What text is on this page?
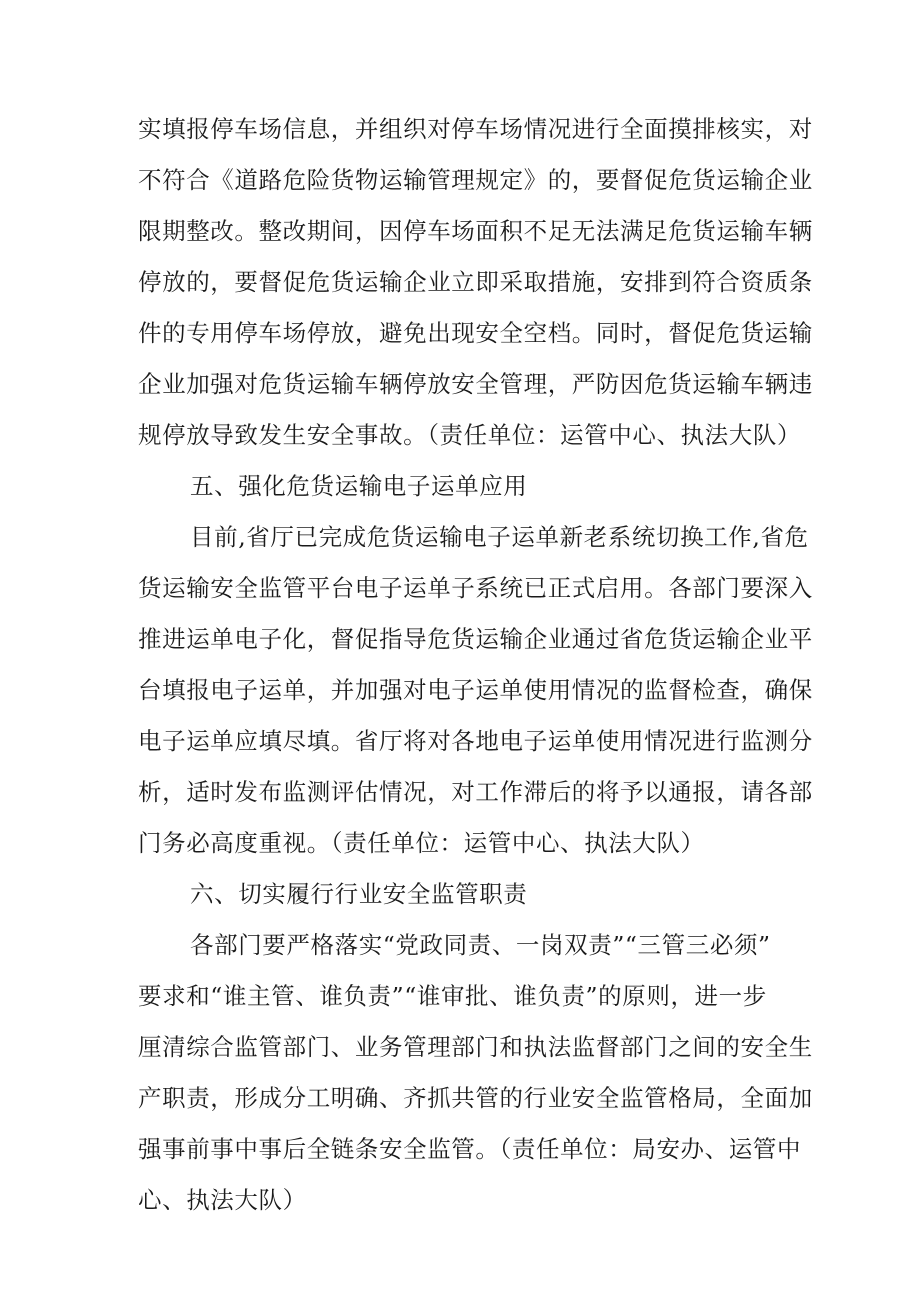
实填报停车场信息，并组织对停车场情况进行全面摸排核实，对
不符合《道路危险货物运输管理规定》的，要督促危货运输企业
限期整改。整改期间，因停车场面积不足无法满足危货运输车辆
停放的，要督促危货运输企业立即采取措施，安排到符合资质条
件的专用停车场停放，避免出现安全空档。同时，督促危货运输
企业加强对危货运输车辆停放安全管理，严防因危货运输车辆违
规停放导致发生安全事故。（责任单位：运管中心、执法大队）
五、强化危货运输电子运单应用
目前,省厅已完成危货运输电子运单新老系统切换工作,省危
货运输安全监管平台电子运单子系统已正式启用。各部门要深入
推进运单电子化，督促指导危货运输企业通过省危货运输企业平
台填报电子运单，并加强对电子运单使用情况的监督检查，确保
电子运单应填尽填。省厅将对各地电子运单使用情况进行监测分
析，适时发布监测评估情况，对工作滞后的将予以通报，请各部
门务必高度重视。（责任单位：运管中心、执法大队）
六、切实履行行业安全监管职责
各部门要严格落实“党政同责、一岗双责”“三管三必须”
要求和“谁主管、谁负责”“谁审批、谁负责”的原则，进一步
厘清综合监管部门、业务管理部门和执法监督部门之间的安全生
产职责，形成分工明确、齐抓共管的行业安全监管格局，全面加
强事前事中事后全链条安全监管。（责任单位：局安办、运管中
心、执法大队）
